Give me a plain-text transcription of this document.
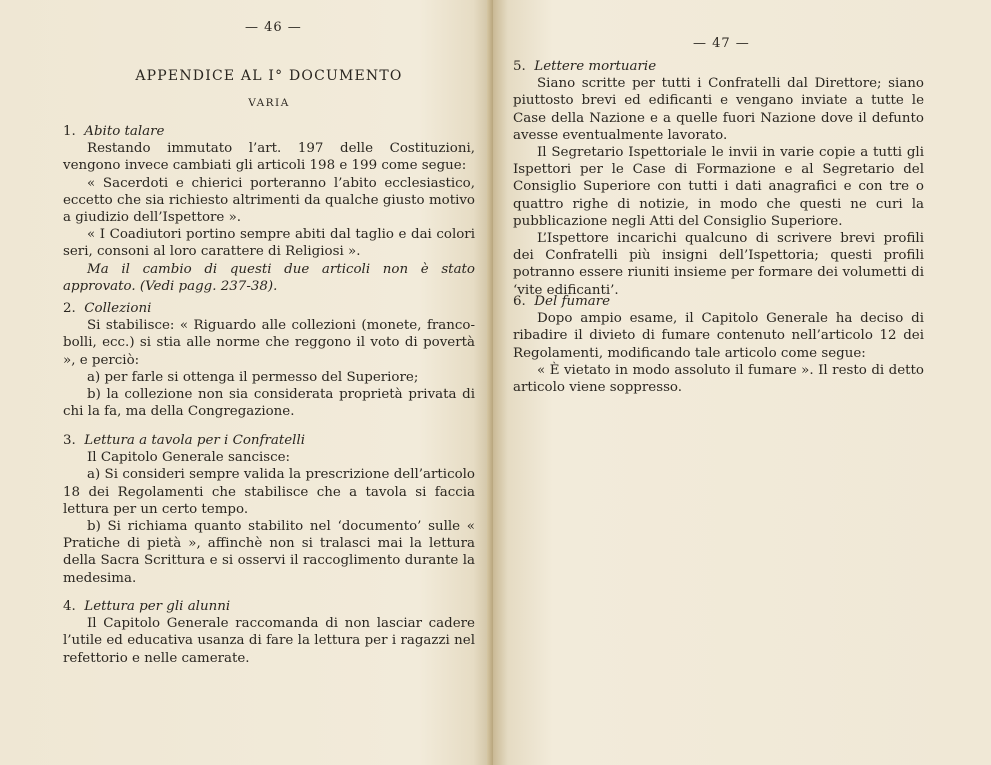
— 46 —

APPENDICE AL I° DOCUMENTO

VARIA

1. Abito talare

Restando immutato l’art. 197 delle Costituzioni, vengono invece cambiati gli articoli 198 e 199 come segue:

« Sacerdoti e chierici porteranno l’abito ecclesiastico, eccetto che sia richiesto altrimenti da qualche giusto motivo a giudizio dell’Ispettore ».

« I Coadiutori portino sempre abiti dal taglio e dai colori seri, consoni al loro carattere di Religiosi ».

Ma il cambio di questi due articoli non è stato approvato. (Vedi pagg. 237-38).

2. Collezioni

Si stabilisce: « Riguardo alle collezioni (monete, franco-bolli, ecc.) si stia alle norme che reggono il voto di povertà », e perciò:

a) per farle si ottenga il permesso del Superiore;

b) la collezione non sia considerata proprietà privata di chi la fa, ma della Congregazione.

3. Lettura a tavola per i Confratelli

Il Capitolo Generale sancisce:

a) Si consideri sempre valida la prescrizione dell’articolo 18 dei Regolamenti che stabilisce che a tavola si faccia lettura per un certo tempo.

b) Si richiama quanto stabilito nel ‘documento’ sulle « Pratiche di pietà », affinchè non si tralasci mai la lettura della Sacra Scrittura e si osservi il raccoglimento durante la medesima.

4. Lettura per gli alunni

Il Capitolo Generale raccomanda di non lasciar cadere l’utile ed educativa usanza di fare la lettura per i ragazzi nel refettorio e nelle camerate.

— 47 —

5. Lettere mortuarie

Siano scritte per tutti i Confratelli dal Direttore; siano piuttosto brevi ed edificanti e vengano inviate a tutte le Case della Nazione e a quelle fuori Nazione dove il defunto avesse eventualmente lavorato.

Il Segretario Ispettoriale le invii in varie copie a tutti gli Ispettori per le Case di Formazione e al Segretario del Consiglio Superiore con tutti i dati anagrafici e con tre o quattro righe di notizie, in modo che questi ne curi la pubblicazione negli Atti del Consiglio Superiore.

L’Ispettore incarichi qualcuno di scrivere brevi profili dei Confratelli più insigni dell’Ispettoria; questi profili potranno essere riuniti insieme per formare dei volumetti di ‘vite edificanti’.

6. Del fumare

Dopo ampio esame, il Capitolo Generale ha deciso di ribadire il divieto di fumare contenuto nell’articolo 12 dei Regolamenti, modificando tale articolo come segue:

« È vietato in modo assoluto il fumare ». Il resto di detto articolo viene soppresso.
